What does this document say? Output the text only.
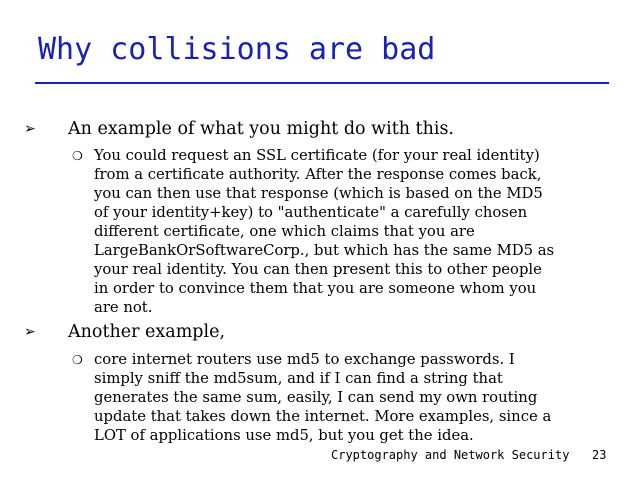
Why collisions are bad
➢ An example of what you might do with this.
❍ You could request an SSL certificate (for your real identity)
from a certificate authority. After the response comes back,
you can then use that response (which is based on the MD5
of your identity+key) to "authenticate" a carefully chosen
different certificate, one which claims that you are
LargeBankOrSoftwareCorp., but which has the same MD5 as
your real identity. You can then present this to other people
in order to convince them that you are someone whom you
are not.
➢ Another example,
❍ core internet routers use md5 to exchange passwords. I
simply sniff the md5sum, and if I can find a string that
generates the same sum, easily, I can send my own routing
update that takes down the internet. More examples, since a
LOT of applications use md5, but you get the idea.
Cryptography and Network Security 23
